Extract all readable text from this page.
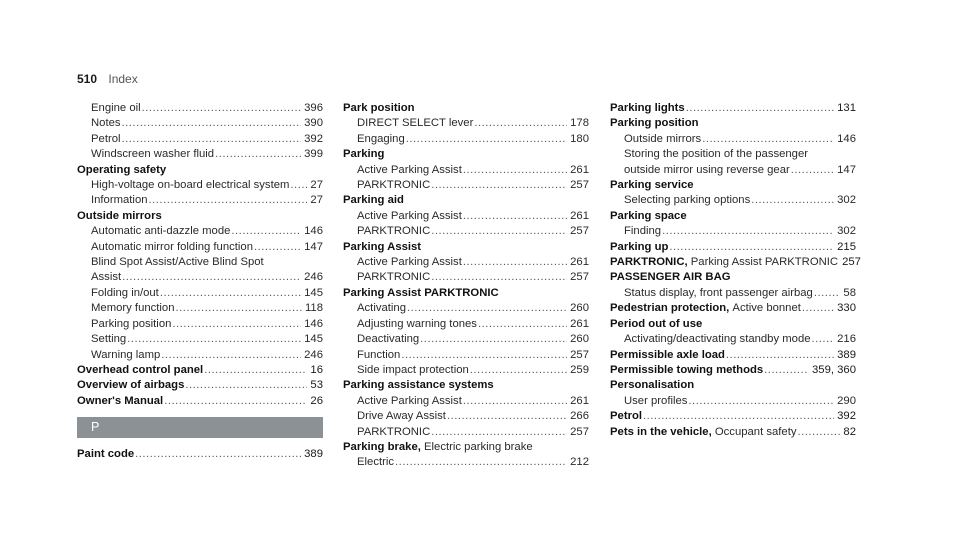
510 Index
Engine oil .....	396
Notes .....	390
Petrol .....	392
Windscreen washer fluid .....	399
Operating safety
High-voltage on-board electrical system ..... 27
Information .....	27
Outside mirrors
Automatic anti-dazzle mode .....	146
Automatic mirror folding function .....	147
Blind Spot Assist/Active Blind Spot
Assist .....	246
Folding in/out .....	145
Memory function .....	118
Parking position .....	146
Setting .....	145
Warning lamp .....	246
Overhead control panel .....	16
Overview of airbags .....	53
Owner's Manual .....	26
P
Paint code .....	389
Park position
DIRECT SELECT lever .....	178
Engaging .....	180
Parking
Active Parking Assist .....	261
PARKTRONIC .....	257
Parking aid
Active Parking Assist .....	261
PARKTRONIC .....	257
Parking Assist
Active Parking Assist .....	261
PARKTRONIC .....	257
Parking Assist PARKTRONIC
Activating .....	260
Adjusting warning tones .....	261
Deactivating .....	260
Function .....	257
Side impact protection .....	259
Parking assistance systems
Active Parking Assist .....	261
Drive Away Assist .....	266
PARKTRONIC .....	257
Parking brake,
Electric parking brake
Electric .....	212
Parking lights .....	131
Parking position
Outside mirrors .....	146
Storing the position of the passenger
outside mirror using reverse gear .....	147
Parking service
Selecting parking options .....	302
Parking space
Finding .....	302
Parking up .....	215
PARKTRONIC,
Parking Assist PARKTRONIC 257
PASSENGER AIR BAG
Status display, front passenger airbag .....	58
Pedestrian protection,
Active bonnet .....	330
Period out of use
Activating/deactivating standby mode ..... 216
Permissible axle load .....	389
Permissible towing methods .....	359, 360
Personalisation
User profiles .....	290
Petrol .....	392
Pets in the vehicle,
Occupant safety .....	82
